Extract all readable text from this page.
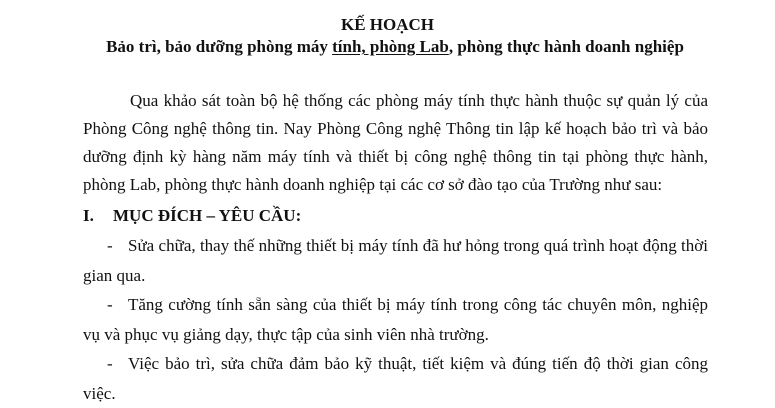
KẾ HOẠCH
Bảo trì, bảo dưỡng phòng máy tính, phòng Lab, phòng thực hành doanh nghiệp

Qua khảo sát toàn bộ hệ thống các phòng máy tính thực hành thuộc sự quản lý của Phòng Công nghệ thông tin. Nay Phòng Công nghệ Thông tin lập kế hoạch bảo trì và bảo dưỡng định kỳ hàng năm máy tính và thiết bị công nghệ thông tin tại phòng thực hành, phòng Lab, phòng thực hành doanh nghiệp tại các cơ sở đào tạo của Trường như sau:

I. MỤC ĐÍCH – YÊU CẦU:
- Sửa chữa, thay thế những thiết bị máy tính đã hư hỏng trong quá trình hoạt động thời gian qua.
- Tăng cường tính sẵn sàng của thiết bị máy tính trong công tác chuyên môn, nghiệp vụ và phục vụ giảng dạy, thực tập của sinh viên nhà trường.
- Việc bảo trì, sửa chữa đảm bảo kỹ thuật, tiết kiệm và đúng tiến độ thời gian công việc.
